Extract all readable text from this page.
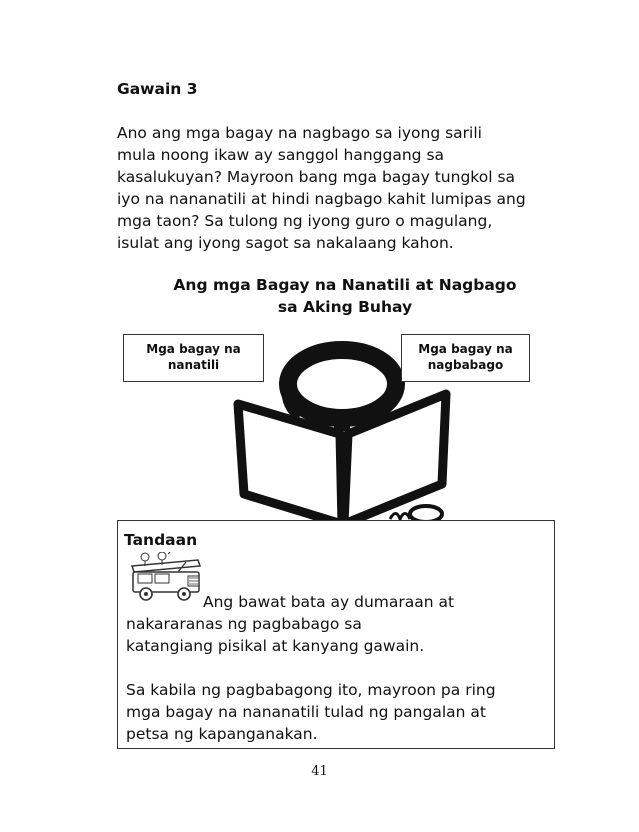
Gawain 3
Ano ang mga bagay na nagbago sa iyong sarili
mula noong ikaw ay sanggol hanggang sa
kasalukuyan? Mayroon bang mga bagay tungkol sa
iyo na nananatili at hindi nagbago kahit lumipas ang
mga taon? Sa tulong ng iyong guro o magulang,
isulat ang iyong sagot sa nakalaang kahon.
Ang mga Bagay na Nanatili at Nagbago
sa Aking Buhay
Mga bagay na
nanatili
Mga bagay na
nagbabago
Tandaan
Ang bawat bata ay dumaraan at
nakararanas ng pagbabago sa
katangiang pisikal at kanyang gawain.
Sa kabila ng pagbabagong ito, mayroon pa ring
mga bagay na nananatili tulad ng pangalan at
petsa ng kapanganakan.
41
